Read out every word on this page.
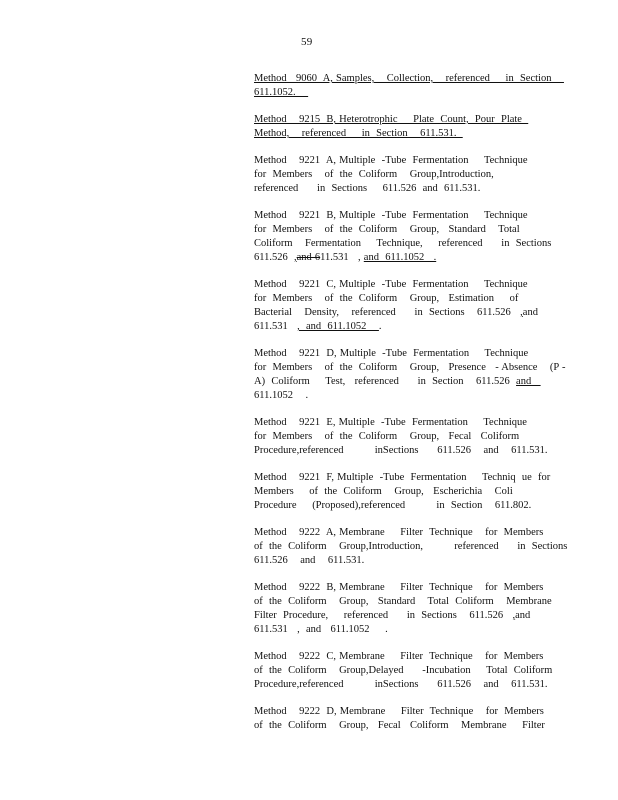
59
Method   9060  A, Samples,    Collection,    referenced     in  Section
611.1052.
Method    9215  B, Heterotrophic     Plate  Count,  Pour  Plate
Method,    referenced     in  Section    611.531.
Method    9221  A, Multiple  -Tube  Fermentation     Technique
for  Members    of  the  Coliform    Group,Introduction,
referenced      in  Sections     611.526  and  611.531.
Method    9221  B, Multiple  -Tube  Fermentation     Technique
for  Members    of  the  Coliform    Group,   Standard    Total
Coliform    Fermentation     Technique,     referenced      in  Sections
611.526  ,and 611.531   , and  611.1052   .
Method    9221  C, Multiple  -Tube  Fermentation     Technique
for  Members    of  the  Coliform    Group,   Estimation     of
Bacterial    Density,    referenced      in  Sections    611.526   ,and
611.531   ,  and  611.1052    .
Method    9221  D, Multiple  -Tube  Fermentation     Technique
for  Members    of  the  Coliform    Group,   Presence   - Absence    (P -
A)  Coliform     Test,   referenced      in  Section    611.526  and
611.1052    .
Method    9221  E, Multiple  -Tube  Fermentation     Technique
for  Members    of  the  Coliform    Group,   Fecal   Coliform
Procedure,referenced          inSections      611.526    and    611.531.
Method    9221  F, Multiple  -Tube  Fermentation     Techniq  ue  for
Members     of  the  Coliform    Group,   Escherichia    Coli
Procedure     (Proposed),referenced          in  Section    611.802.
Method    9222  A, Membrane     Filter  Technique    for  Members
of  the  Coliform    Group,Introduction,          referenced      in  Sections
611.526    and    611.531.
Method    9222  B, Membrane     Filter  Technique    for  Members
of  the  Coliform    Group,   Standard    Total  Coliform    Membrane
Filter  Procedure,     referenced      in  Sections    611.526   ,and
611.531   ,  and   611.1052     .
Method    9222  C, Membrane     Filter  Technique    for  Members
of  the  Coliform    Group,Delayed      -Incubation     Total  Coliform
Procedure,referenced          inSections      611.526    and    611.531.
Method    9222  D, Membrane     Filter  Technique    for  Members
of  the  Coliform    Group,   Fecal   Coliform    Membrane     Filter
